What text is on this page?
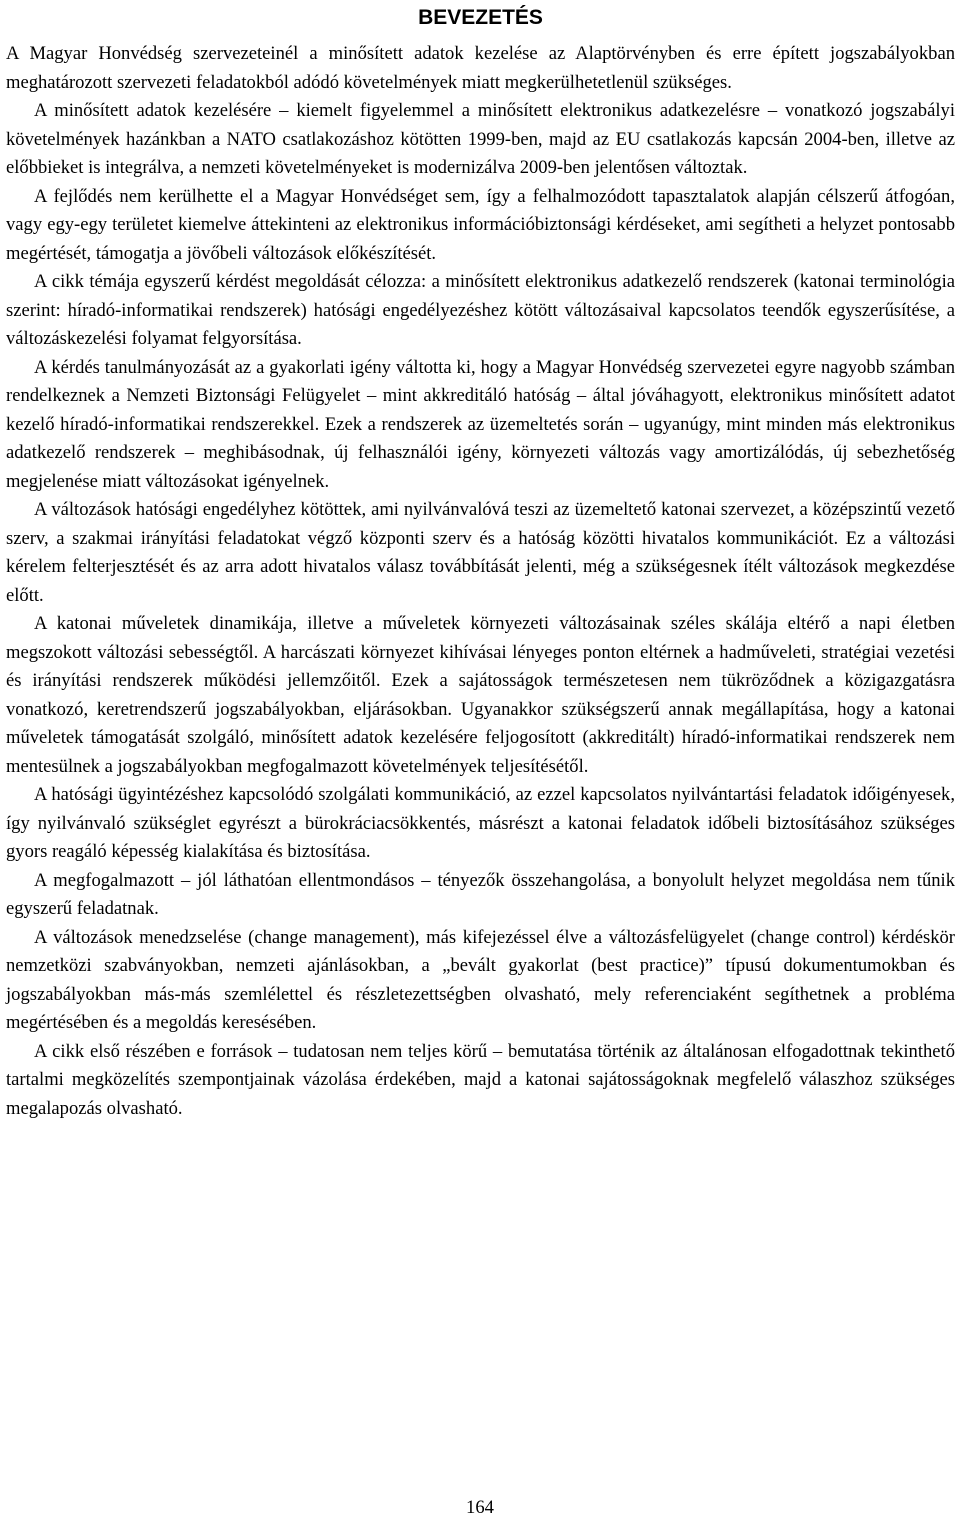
BEVEZETÉS

A Magyar Honvédség szervezeteinél a minősített adatok kezelése az Alaptörvényben és erre épített jogszabályokban meghatározott szervezeti feladatokból adódó követelmények miatt megkerülhetetlenül szükséges.

A minősített adatok kezelésére – kiemelt figyelemmel a minősített elektronikus adatkezelésre – vonatkozó jogszabályi követelmények hazánkban a NATO csatlakozáshoz kötötten 1999-ben, majd az EU csatlakozás kapcsán 2004-ben, illetve az előbbieket is integrálva, a nemzeti követelményeket is modernizálva 2009-ben jelentősen változtak.

A fejlődés nem kerülhette el a Magyar Honvédséget sem, így a felhalmozódott tapasztalatok alapján célszerű átfogóan, vagy egy-egy területet kiemelve áttekinteni az elektronikus információbiztonsági kérdéseket, ami segítheti a helyzet pontosabb megértését, támogatja a jövőbeli változások előkészítését.

A cikk témája egyszerű kérdést megoldását célozza: a minősített elektronikus adatkezelő rendszerek (katonai terminológia szerint: híradó-informatikai rendszerek) hatósági engedélyezéshez kötött változásaival kapcsolatos teendők egyszerűsítése, a változáskezelési folyamat felgyorsítása.

A kérdés tanulmányozását az a gyakorlati igény váltotta ki, hogy a Magyar Honvédség szervezetei egyre nagyobb számban rendelkeznek a Nemzeti Biztonsági Felügyelet – mint akkreditáló hatóság – által jóváhagyott, elektronikus minősített adatot kezelő híradó-informatikai rendszerekkel. Ezek a rendszerek az üzemeltetés során – ugyanúgy, mint minden más elektronikus adatkezelő rendszerek – meghibásodnak, új felhasználói igény, környezeti változás vagy amortizálódás, új sebezhetőség megjelenése miatt változásokat igényelnek.

A változások hatósági engedélyhez kötöttek, ami nyilvánvalóvá teszi az üzemeltető katonai szervezet, a középszintű vezető szerv, a szakmai irányítási feladatokat végző központi szerv és a hatóság közötti hivatalos kommunikációt. Ez a változási kérelem felterjesztését és az arra adott hivatalos válasz továbbítását jelenti, még a szükségesnek ítélt változások megkezdése előtt.

A katonai műveletek dinamikája, illetve a műveletek környezeti változásainak széles skálája eltérő a napi életben megszokott változási sebességtől. A harcászati környezet kihívásai lényeges ponton eltérnek a hadműveleti, stratégiai vezetési és irányítási rendszerek működési jellemzőitől. Ezek a sajátosságok természetesen nem tükröződnek a közigazgatásra vonatkozó, keretrendszerű jogszabályokban, eljárásokban. Ugyanakkor szükségszerű annak megállapítása, hogy a katonai műveletek támogatását szolgáló, minősített adatok kezelésére feljogosított (akkreditált) híradó-informatikai rendszerek nem mentesülnek a jogszabályokban megfogalmazott követelmények teljesítésétől.

A hatósági ügyintézéshez kapcsolódó szolgálati kommunikáció, az ezzel kapcsolatos nyilvántartási feladatok időigényesek, így nyilvánvaló szükséglet egyrészt a bürokráciacsökkentés, másrészt a katonai feladatok időbeli biztosításához szükséges gyors reagáló képesség kialakítása és biztosítása.

A megfogalmazott – jól láthatóan ellentmondásos – tényezők összehangolása, a bonyolult helyzet megoldása nem tűnik egyszerű feladatnak.

A változások menedzselése (change management), más kifejezéssel élve a változásfelügyelet (change control) kérdéskör nemzetközi szabványokban, nemzeti ajánlásokban, a „bevált gyakorlat (best practice)” típusú dokumentumokban és jogszabályokban más-más szemlélettel és részletezettségben olvasható, mely referenciaként segíthetnek a probléma megértésében és a megoldás keresésében.

A cikk első részében e források – tudatosan nem teljes körű – bemutatása történik az általánosan elfogadottnak tekinthető tartalmi megközelítés szempontjainak vázolása érdekében, majd a katonai sajátosságoknak megfelelő válaszhoz szükséges megalapozás olvasható.

164
